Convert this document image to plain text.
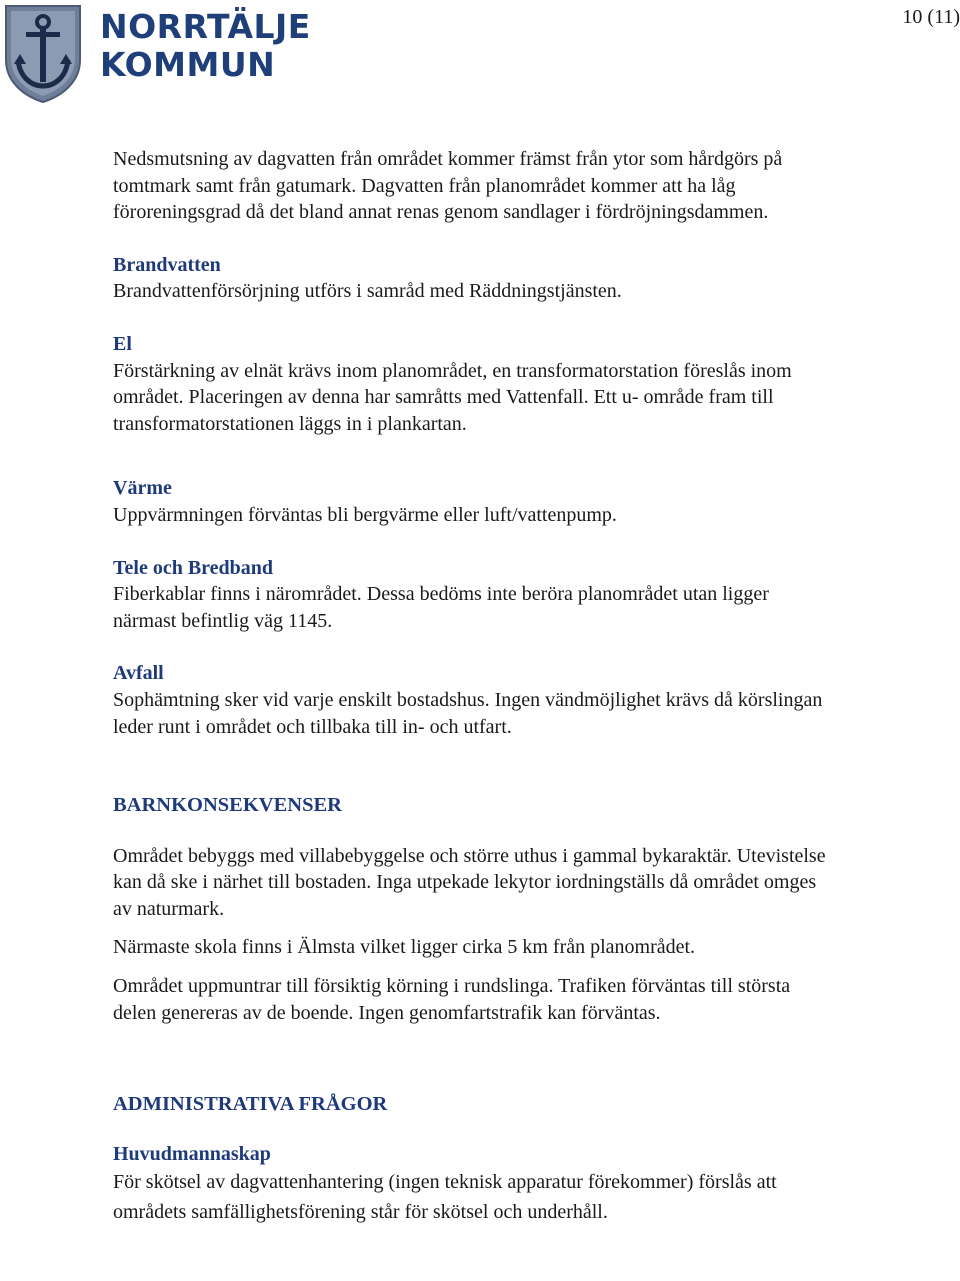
NORRTÄLJE
KOMMUN
10 (11)

Nedsmutsning av dagvatten från området kommer främst från ytor som hårdgörs på tomtmark samt från gatumark. Dagvatten från planområdet kommer att ha låg föroreningsgrad då det bland annat renas genom sandlager i fördröjningsdammen.

Brandvatten

Brandvattenförsörjning utförs i samråd med Räddningstjänsten.

El

Förstärkning av elnät krävs inom planområdet, en transformatorstation föreslås inom området. Placeringen av denna har samråtts med Vattenfall. Ett u- område fram till transformatorstationen läggs in i plankartan.

Värme

Uppvärmningen förväntas bli bergvärme eller luft/vattenpump.

Tele och Bredband

Fiberkablar finns i närområdet. Dessa bedöms inte beröra planområdet utan ligger närmast befintlig väg 1145.

Avfall

Sophämtning sker vid varje enskilt bostadshus. Ingen vändmöjlighet krävs då körslingan leder runt i området och tillbaka till in- och utfart.

BARNKONSEKVENSER

Området bebyggs med villabebyggelse och större uthus i gammal bykaraktär. Utevistelse kan då ske i närhet till bostaden. Inga utpekade lekytor iordningställs då området omges av naturmark.

Närmaste skola finns i Älmsta vilket ligger cirka 5 km från planområdet.

Området uppmuntrar till försiktig körning i rundslinga. Trafiken förväntas till största delen genereras av de boende. Ingen genomfartstrafik kan förväntas.

ADMINISTRATIVA FRÅGOR
Huvudmannaskap

För skötsel av dagvattenhantering (ingen teknisk apparatur förekommer) förslås att områdets samfällighetsförening står för skötsel och underhåll.
